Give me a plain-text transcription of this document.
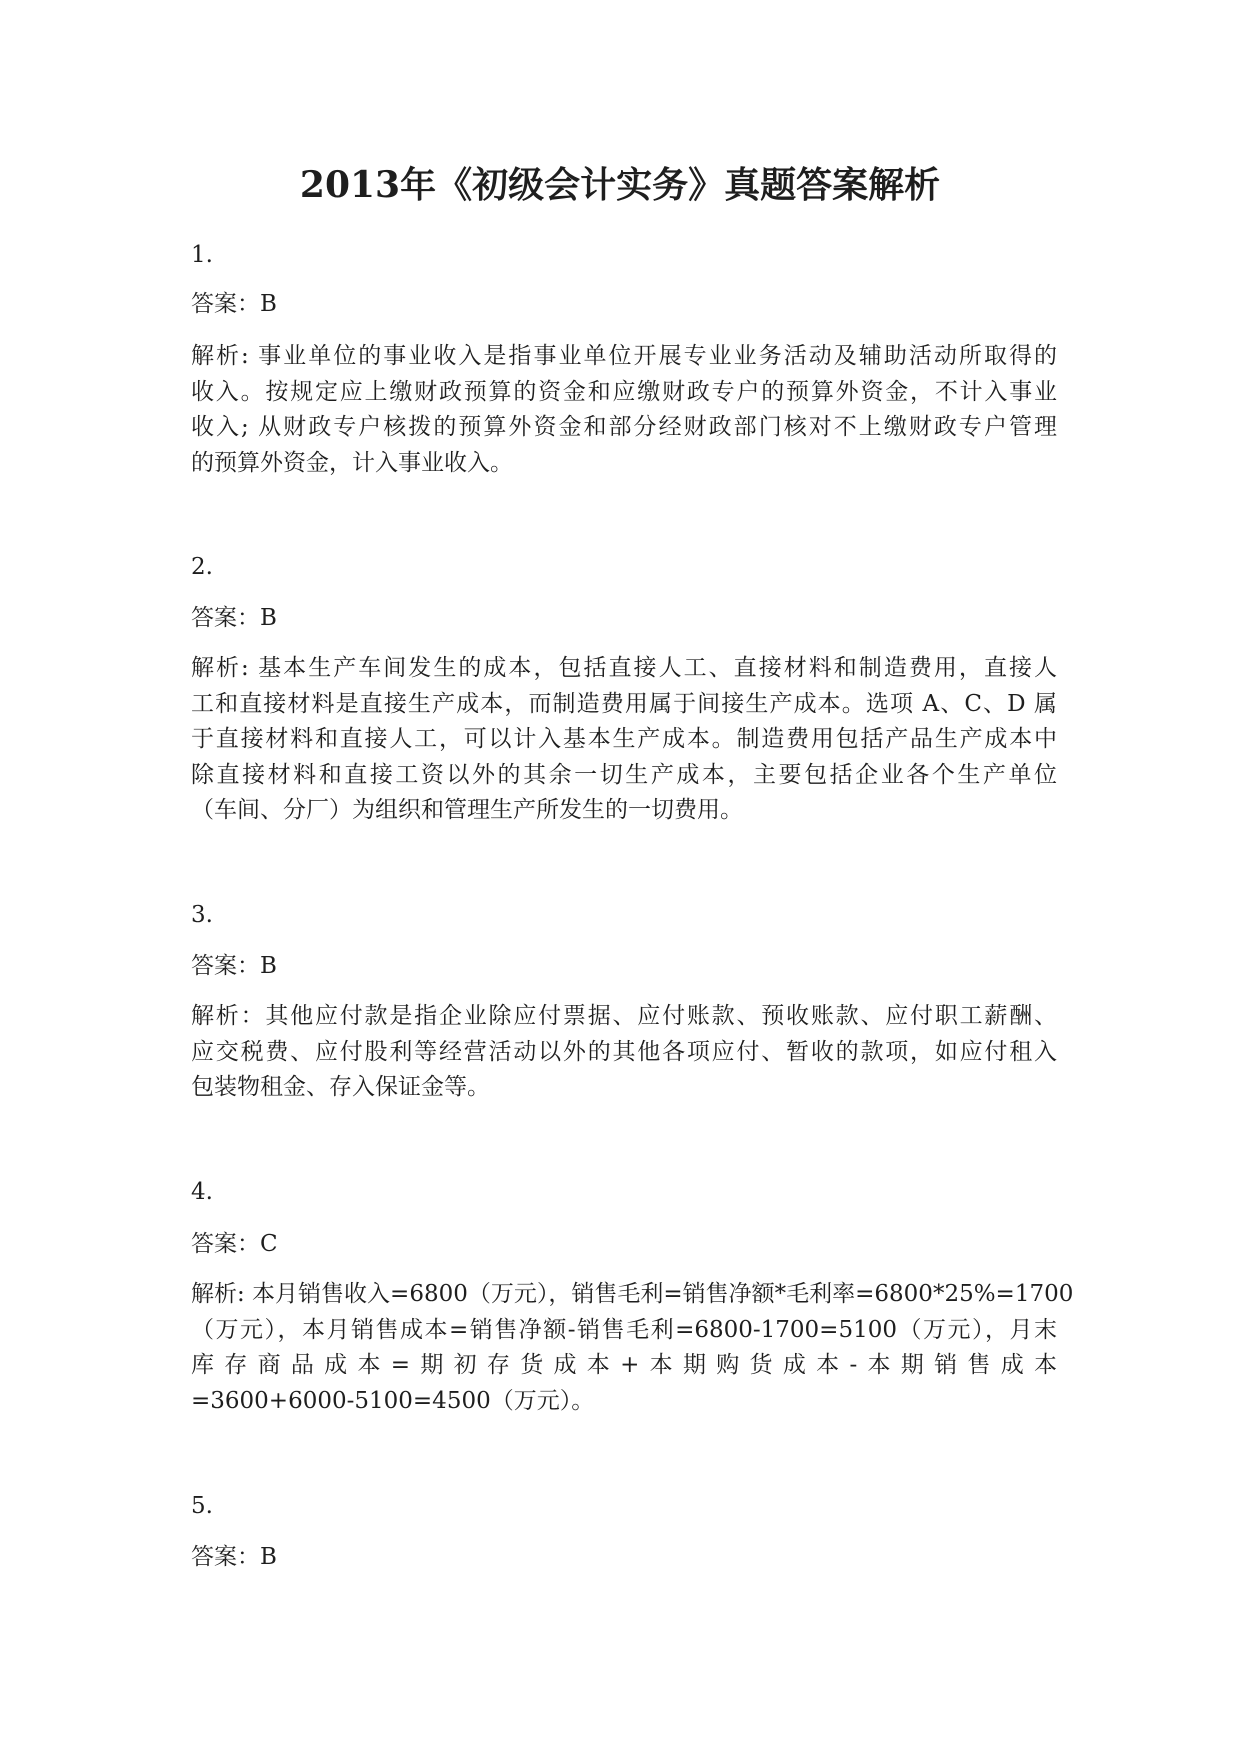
2013年《初级会计实务》真题答案解析
1.
答案：B
解析: 事业单位的事业收入是指事业单位开展专业业务活动及辅助活动所取得的
收入。按规定应上缴财政预算的资金和应缴财政专户的预算外资金，不计入事业
收入; 从财政专户核拨的预算外资金和部分经财政部门核对不上缴财政专户管理
的预算外资金，计入事业收入。
2.
答案：B
解析: 基本生产车间发生的成本，包括直接人工、直接材料和制造费用，直接人
工和直接材料是直接生产成本，而制造费用属于间接生产成本。选项 A、C、D 属
于直接材料和直接人工，可以计入基本生产成本。制造费用包括产品生产成本中
除直接材料和直接工资以外的其余一切生产成本，主要包括企业各个生产单位
（车间、分厂）为组织和管理生产所发生的一切费用。
3.
答案：B
解析：其他应付款是指企业除应付票据、应付账款、预收账款、应付职工薪酬、
应交税费、应付股利等经营活动以外的其他各项应付、暂收的款项，如应付租入
包装物租金、存入保证金等。
4.
答案：C
解析: 本月销售收入=6800（万元），销售毛利=销售净额*毛利率=6800*25%=1700
（万元），本月销售成本=销售净额-销售毛利=6800-1700=5100（万元），月末
库存商品成本=期初存货成本+本期购货成本-本期销售成本
=3600+6000-5100=4500（万元）。
5.
答案：B
